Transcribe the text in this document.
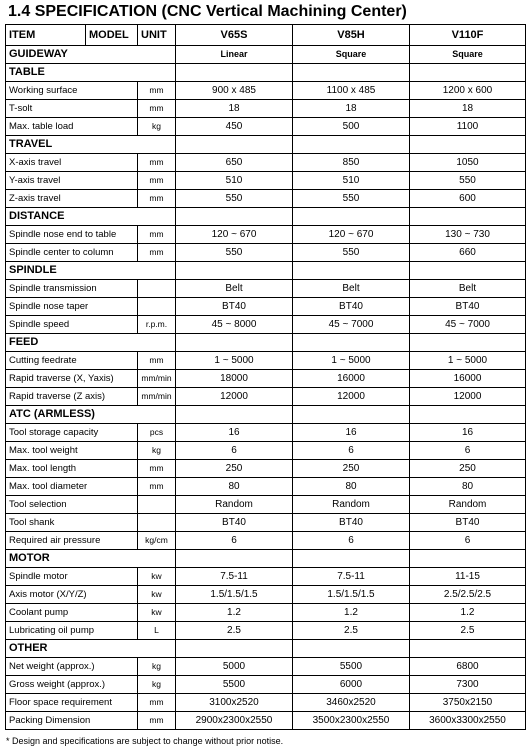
1.4 SPECIFICATION (CNC Vertical Machining Center)
ITEM	MODEL	UNIT	V65S	V85H	V110F
GUIDEWAY			Linear	Square	Square
TABLE					
Working surface		mm	900 x 485	1100 x 485	1200 x 600
T-solt		mm	18	18	18
Max. table load		kg	450	500	1100
TRAVEL					
X-axis travel		mm	650	850	1050
Y-axis travel		mm	510	510	550
Z-axis travel		mm	550	550	600
DISTANCE					
Spindle nose end to table		mm	120 ~ 670	120 ~ 670	130 ~ 730
Spindle center to column		mm	550	550	660
SPINDLE					
Spindle transmission			Belt	Belt	Belt
Spindle nose taper			BT40	BT40	BT40
Spindle speed		r.p.m.	45 ~ 8000	45 ~ 7000	45 ~ 7000
FEED					
Cutting feedrate		mm	1 ~ 5000	1 ~ 5000	1 ~ 5000
Rapid traverse (X, Yaxis)		mm/min	18000	16000	16000
Rapid traverse (Z axis)		mm/min	12000	12000	12000
ATC (ARMLESS)					
Tool storage capacity		pcs	16	16	16
Max. tool weight		kg	6	6	6
Max. tool length		mm	250	250	250
Max. tool diameter		mm	80	80	80
Tool selection			Random	Random	Random
Tool shank			BT40	BT40	BT40
Required air pressure		kg/cm	6	6	6
MOTOR					
Spindle motor		kw	7.5-11	7.5-11	11-15
Axis motor (X/Y/Z)		kw	1.5/1.5/1.5	1.5/1.5/1.5	2.5/2.5/2.5
Coolant pump		kw	1.2	1.2	1.2
Lubricating oil pump		L	2.5	2.5	2.5
OTHER					
Net weight (approx.)		kg	5000	5500	6800
Gross weight (approx.)		kg	5500	6000	7300
Floor space requirement		mm	3100x2520	3460x2520	3750x2150
Packing Dimension		mm	2900x2300x2550	3500x2300x2550	3600x3300x2550
* Design and specifications are subject to change without prior notise.
